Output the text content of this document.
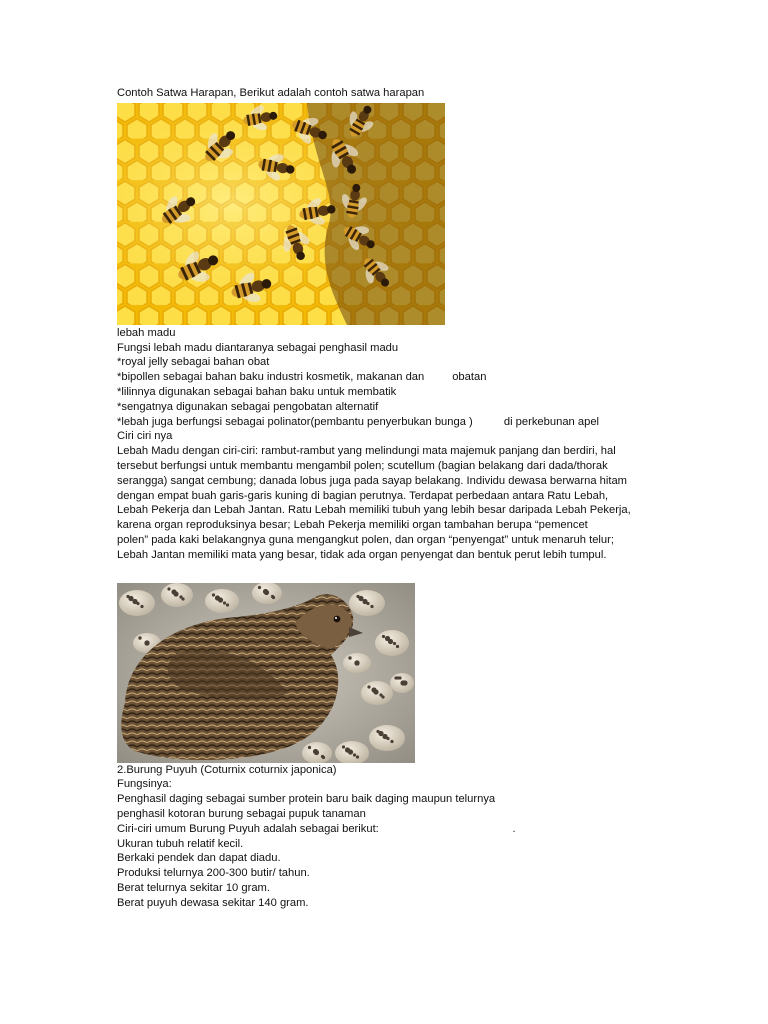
Contoh Satwa Harapan, Berikut adalah contoh satwa harapan

lebah madu

Fungsi lebah madu diantaranya sebagai penghasil madu

*royal jelly sebagai bahan obat

*bipollen sebagai bahan baku industri kosmetik, makanan dan         obatan

*lilinnya digunakan sebagai bahan baku untuk membatik

*sengatnya digunakan sebagai pengobatan alternatif

*lebah juga berfungsi sebagai polinator(pembantu penyerbukan bunga )          di perkebunan apel

Ciri ciri nya

Lebah Madu dengan ciri-ciri: rambut-rambut yang melindungi mata majemuk panjang dan berdiri, hal

tersebut berfungsi untuk membantu mengambil polen; scutellum (bagian belakang dari dada/thorak

serangga) sangat cembung; danada lobus juga pada sayap belakang. Individu dewasa berwarna hitam

dengan empat buah garis-garis kuning di bagian perutnya. Terdapat perbedaan antara Ratu Lebah,

Lebah Pekerja dan Lebah Jantan. Ratu Lebah memiliki tubuh yang lebih besar daripada Lebah Pekerja,

karena organ reproduksinya besar; Lebah Pekerja memiliki organ tambahan berupa “pemencet

polen” pada kaki belakangnya guna mengangkut polen, dan organ “penyengat” untuk menaruh telur;

Lebah Jantan memiliki mata yang besar, tidak ada organ penyengat dan bentuk perut lebih tumpul.

2.Burung Puyuh (Coturnix coturnix japonica)

Fungsinya:

Penghasil daging sebagai sumber protein baru baik daging maupun telurnya

penghasil kotoran burung sebagai pupuk tanaman

Ciri-ciri umum Burung Puyuh adalah sebagai berikut:                                           .

Ukuran tubuh relatif kecil.

Berkaki pendek dan dapat diadu.

Produksi telurnya 200-300 butir/ tahun.

Berat telurnya sekitar 10 gram.

Berat puyuh dewasa sekitar 140 gram.
